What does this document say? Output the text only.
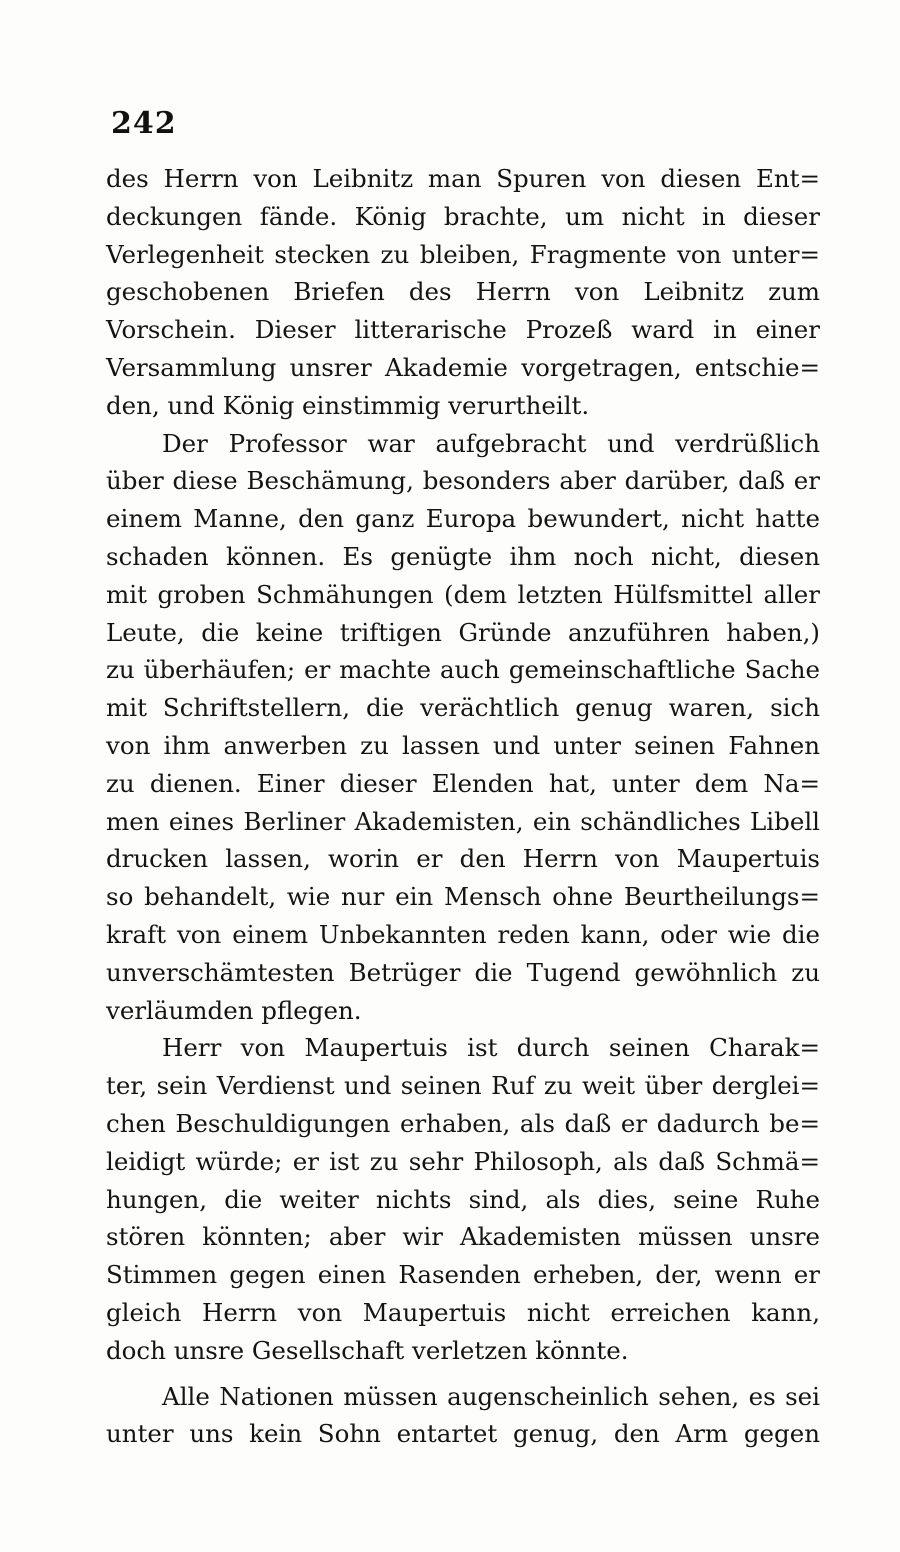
242
des Herrn von Leibnitz man Spuren von diesen Ent=
deckungen fände. König brachte, um nicht in dieser
Verlegenheit stecken zu bleiben, Fragmente von unter=
geschobenen Briefen des Herrn von Leibnitz zum
Vorschein. Dieser litterarische Prozeß ward in einer
Versammlung unsrer Akademie vorgetragen, entschie=
den, und König einstimmig verurtheilt.
Der Professor war aufgebracht und verdrüßlich
über diese Beschämung, besonders aber darüber, daß er
einem Manne, den ganz Europa bewundert, nicht hatte
schaden können. Es genügte ihm noch nicht, diesen
mit groben Schmähungen (dem letzten Hülfsmittel aller
Leute, die keine triftigen Gründe anzuführen haben,)
zu überhäufen; er machte auch gemeinschaftliche Sache
mit Schriftstellern, die verächtlich genug waren, sich
von ihm anwerben zu lassen und unter seinen Fahnen
zu dienen. Einer dieser Elenden hat, unter dem Na=
men eines Berliner Akademisten, ein schändliches Libell
drucken lassen, worin er den Herrn von Maupertuis
so behandelt, wie nur ein Mensch ohne Beurtheilungs=
kraft von einem Unbekannten reden kann, oder wie die
unverschämtesten Betrüger die Tugend gewöhnlich zu
verläumden pflegen.
Herr von Maupertuis ist durch seinen Charak=
ter, sein Verdienst und seinen Ruf zu weit über derglei=
chen Beschuldigungen erhaben, als daß er dadurch be=
leidigt würde; er ist zu sehr Philosoph, als daß Schmä=
hungen, die weiter nichts sind, als dies, seine Ruhe
stören könnten; aber wir Akademisten müssen unsre
Stimmen gegen einen Rasenden erheben, der, wenn er
gleich Herrn von Maupertuis nicht erreichen kann,
doch unsre Gesellschaft verletzen könnte.
Alle Nationen müssen augenscheinlich sehen, es sei
unter uns kein Sohn entartet genug, den Arm gegen
